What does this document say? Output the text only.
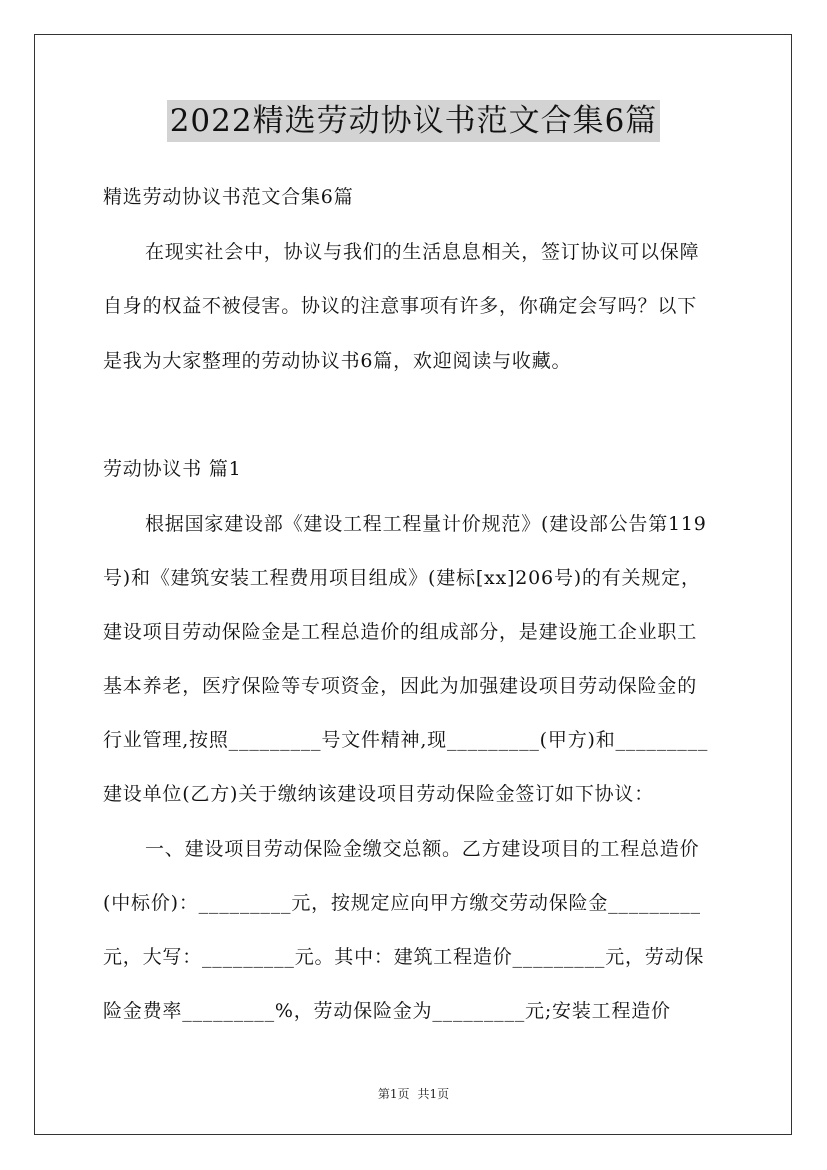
2022精选劳动协议书范文合集6篇
精选劳动协议书范文合集6篇
在现实社会中，协议与我们的生活息息相关，签订协议可以保障
自身的权益不被侵害。协议的注意事项有许多，你确定会写吗？以下
是我为大家整理的劳动协议书6篇，欢迎阅读与收藏。
劳动协议书 篇1
根据国家建设部《建设工程工程量计价规范》(建设部公告第119
号)和《建筑安装工程费用项目组成》(建标[xx]206号)的有关规定，
建设项目劳动保险金是工程总造价的组成部分，是建设施工企业职工
基本养老，医疗保险等专项资金，因此为加强建设项目劳动保险金的
行业管理,按照_________号文件精神,现_________(甲方)和_________
建设单位(乙方)关于缴纳该建设项目劳动保险金签订如下协议：
一、建设项目劳动保险金缴交总额。乙方建设项目的工程总造价
(中标价)：_________元，按规定应向甲方缴交劳动保险金_________
元，大写：_________元。其中：建筑工程造价_________元，劳动保
险金费率_________%，劳动保险金为_________元;安装工程造价
第1页 共1页
